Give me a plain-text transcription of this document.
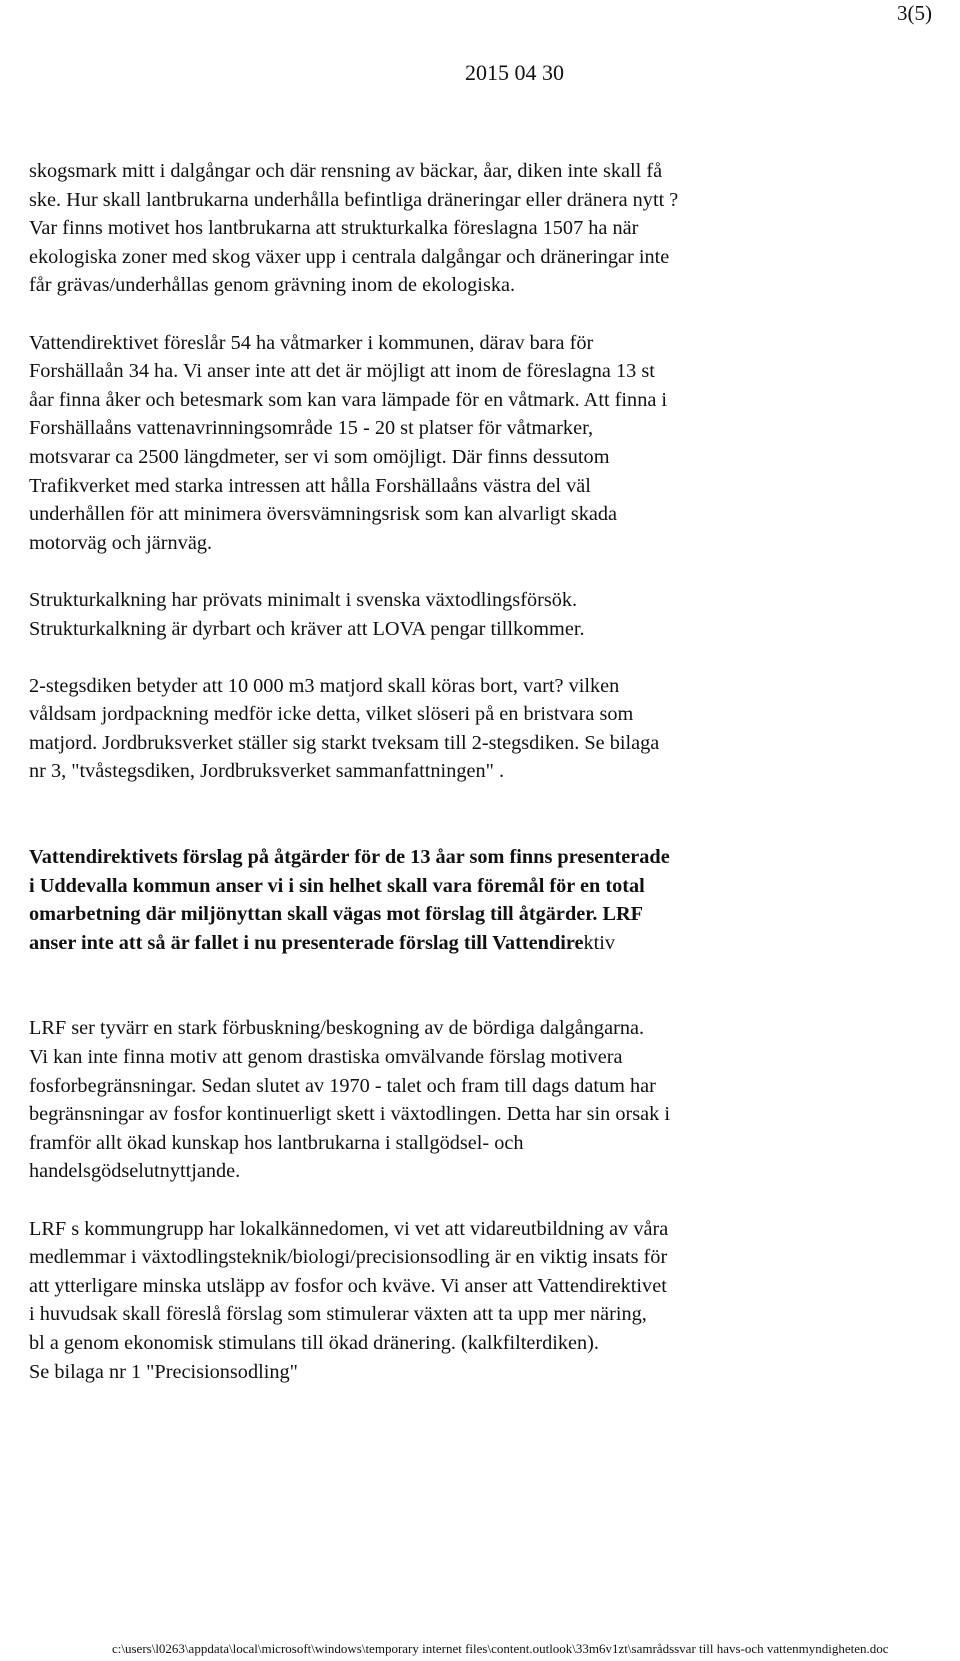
3(5)
2015 04 30

skogsmark mitt i dalgångar och där rensning av bäckar, åar, diken inte skall få

ske. Hur skall lantbrukarna underhålla befintliga dräneringar eller dränera nytt ?

Var finns motivet hos lantbrukarna att strukturkalka föreslagna 1507 ha när

ekologiska zoner med skog växer upp i centrala dalgångar och dräneringar inte

får grävas/underhållas genom grävning inom de ekologiska.

Vattendirektivet föreslår 54 ha våtmarker i kommunen, därav bara för

Forshällaån 34 ha. Vi anser inte att det är möjligt att inom de föreslagna 13 st

åar finna åker och betesmark som kan vara lämpade för en våtmark. Att finna i

Forshällaåns vattenavrinningsområde 15 - 20 st platser för våtmarker,

motsvarar ca 2500 längdmeter, ser vi som omöjligt. Där finns dessutom

Trafikverket med starka intressen att hålla Forshällaåns västra del väl

underhållen för att minimera översvämningsrisk som kan alvarligt skada

motorväg och järnväg.

Strukturkalkning har prövats minimalt i svenska växtodlingsförsök.

Strukturkalkning är dyrbart och kräver att LOVA pengar tillkommer.

2-stegsdiken betyder att 10 000 m3 matjord skall köras bort, vart? vilken

våldsam jordpackning medför icke detta, vilket slöseri på en bristvara som

matjord. Jordbruksverket ställer sig starkt tveksam till 2-stegsdiken. Se bilaga

nr 3, "tvåstegsdiken, Jordbruksverket sammanfattningen" .

Vattendirektivets förslag på åtgärder för de 13 åar som finns presenterade

i Uddevalla kommun anser vi i sin helhet skall vara föremål för en total

omarbetning där miljönyttan skall vägas mot förslag till åtgärder. LRF

anser inte att så är fallet i nu presenterade förslag till Vattendirektiv

LRF ser tyvärr en stark förbuskning/beskogning av de bördiga dalgångarna.

Vi kan inte finna motiv att genom drastiska omvälvande förslag motivera

fosforbegränsningar. Sedan slutet av 1970 - talet och fram till dags datum har

begränsningar av fosfor kontinuerligt skett i växtodlingen. Detta har sin orsak i

framför allt ökad kunskap hos lantbrukarna i stallgödsel- och

handelsgödselutnyttjande.

LRF s kommungrupp har lokalkännedomen, vi vet att vidareutbildning av våra

medlemmar i växtodlingsteknik/biologi/precisionsodling är en viktig insats för

att ytterligare minska utsläpp av fosfor och kväve. Vi anser att Vattendirektivet

i huvudsak skall föreslå förslag som stimulerar växten att ta upp mer näring,

bl a genom ekonomisk stimulans till ökad dränering. (kalkfilterdiken).

Se bilaga nr 1 "Precisionsodling"

c:\users\l0263\appdata\local\microsoft\windows\temporary internet files\content.outlook\33m6v1zt\samrådssvar till havs-och vattenmyndigheten.doc
